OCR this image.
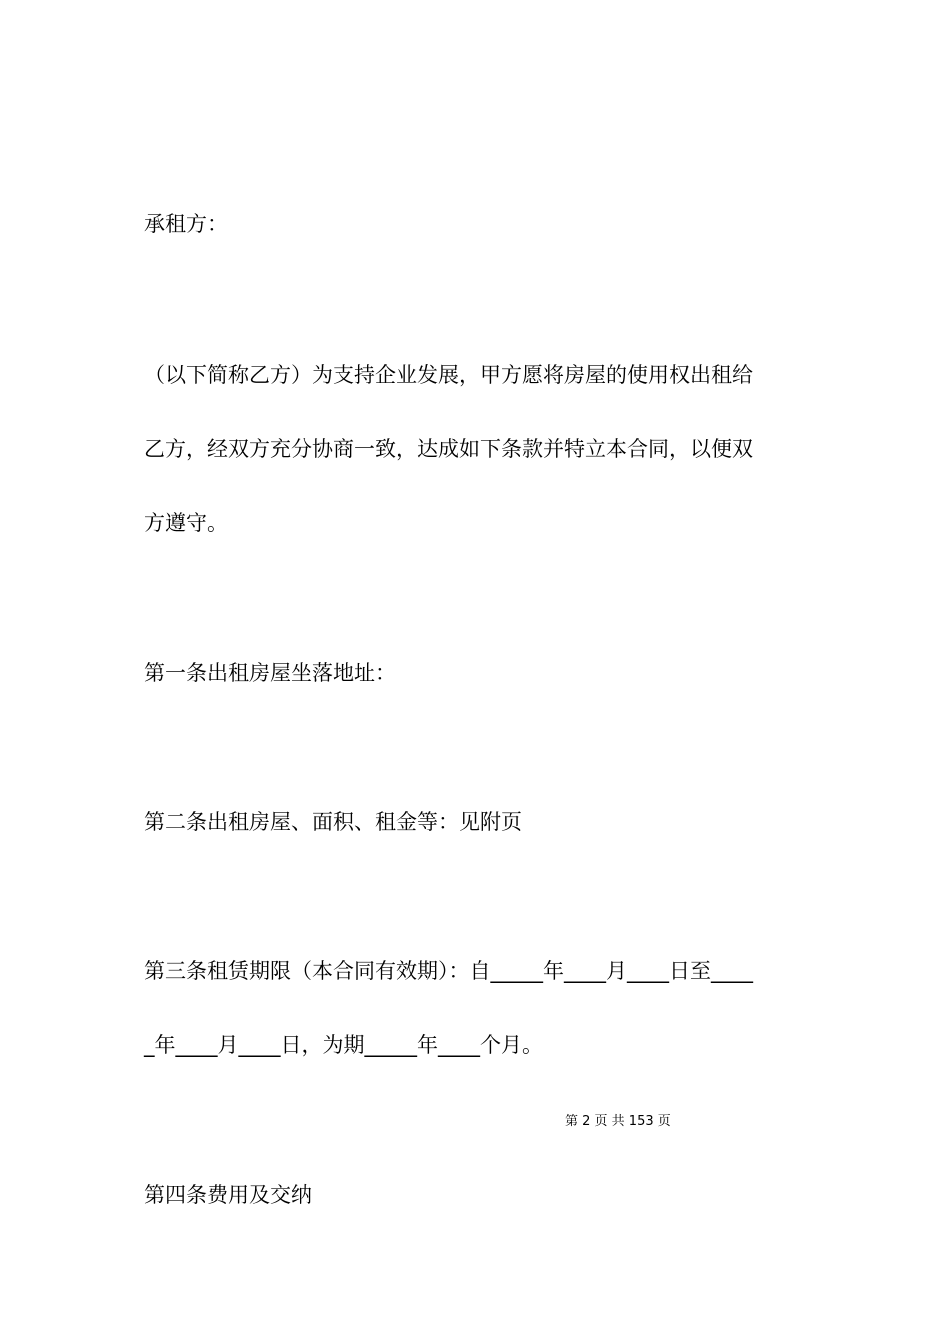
承租方：
（以下简称乙方）为支持企业发展，甲方愿将房屋的使用权出租给
乙方，经双方充分协商一致，达成如下条款并特立本合同，以便双
方遵守。
第一条出租房屋坐落地址：
第二条出租房屋、面积、租金等：见附页
第三条租赁期限（本合同有效期）：自_____年____月____日至____
_年____月____日，为期_____年____个月。
第 2 页 共 153 页
第四条费用及交纳
